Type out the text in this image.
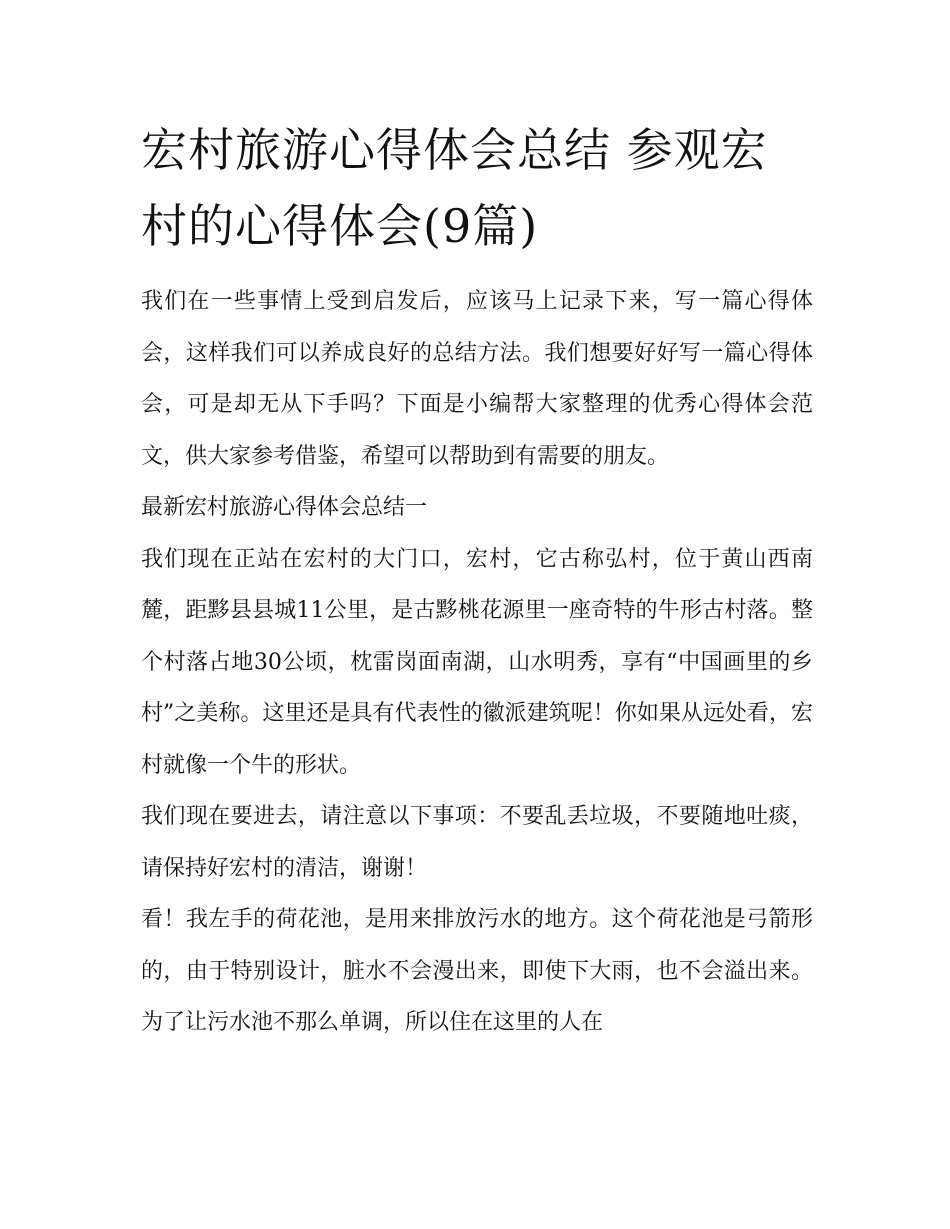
宏村旅游心得体会总结 参观宏村的心得体会(9篇)

我们在一些事情上受到启发后，应该马上记录下来，写一篇心得体会，这样我们可以养成良好的总结方法。我们想要好好写一篇心得体会，可是却无从下手吗？下面是小编帮大家整理的优秀心得体会范文，供大家参考借鉴，希望可以帮助到有需要的朋友。

最新宏村旅游心得体会总结一

我们现在正站在宏村的大门口，宏村，它古称弘村，位于黄山西南麓，距黟县县城11公里，是古黟桃花源里一座奇特的牛形古村落。整个村落占地30公顷，枕雷岗面南湖，山水明秀，享有“中国画里的乡村”之美称。这里还是具有代表性的徽派建筑呢！你如果从远处看，宏村就像一个牛的形状。

我们现在要进去，请注意以下事项：不要乱丢垃圾，不要随地吐痰，请保持好宏村的清洁，谢谢！

看！我左手的荷花池，是用来排放污水的地方。这个荷花池是弓箭形的，由于特别设计，脏水不会漫出来，即使下大雨，也不会溢出来。为了让污水池不那么单调，所以住在这里的人在
